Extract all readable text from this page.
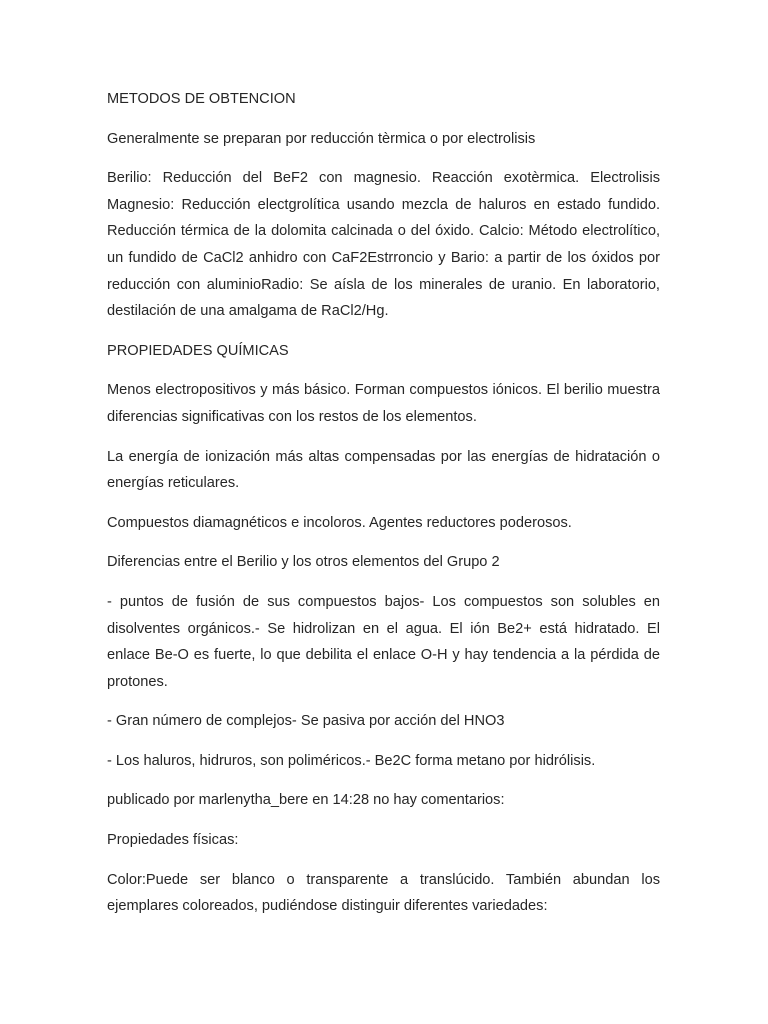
METODOS DE OBTENCION

Generalmente se preparan por reducción tèrmica o por electrolisis

Berilio: Reducción del BeF2 con magnesio. Reacción exotèrmica. Electrolisis Magnesio: Reducción electgrolítica usando mezcla de haluros en estado fundido. Reducción térmica de la dolomita calcinada o del óxido. Calcio: Método electrolítico, un fundido de CaCl2 anhidro con CaF2Estrroncio y Bario: a partir de los óxidos por reducción con aluminioRadio: Se aísla de los minerales de uranio. En laboratorio, destilación de una amalgama de RaCl2/Hg.

PROPIEDADES QUÍMICAS

Menos electropositivos y más básico. Forman compuestos iónicos. El berilio muestra diferencias significativas con los restos de los elementos.

La energía de ionización más altas compensadas por las energías de hidratación o energías reticulares.

Compuestos diamagnéticos e incoloros. Agentes reductores poderosos.

Diferencias entre el Berilio y los otros elementos del Grupo 2

- puntos de fusión de sus compuestos bajos- Los compuestos son solubles en disolventes orgánicos.- Se hidrolizan en el agua. El ión Be2+ está hidratado. El enlace Be-O es fuerte, lo que debilita el enlace O-H y hay tendencia a la pérdida de protones.

- Gran número de complejos- Se pasiva por acción del HNO3

- Los haluros, hidruros, son poliméricos.- Be2C forma metano por hidrólisis.

publicado por marlenytha_bere en 14:28 no hay comentarios:

Propiedades físicas:

Color:Puede ser blanco o transparente a translúcido. También abundan los ejemplares coloreados, pudiéndose distinguir diferentes variedades:
